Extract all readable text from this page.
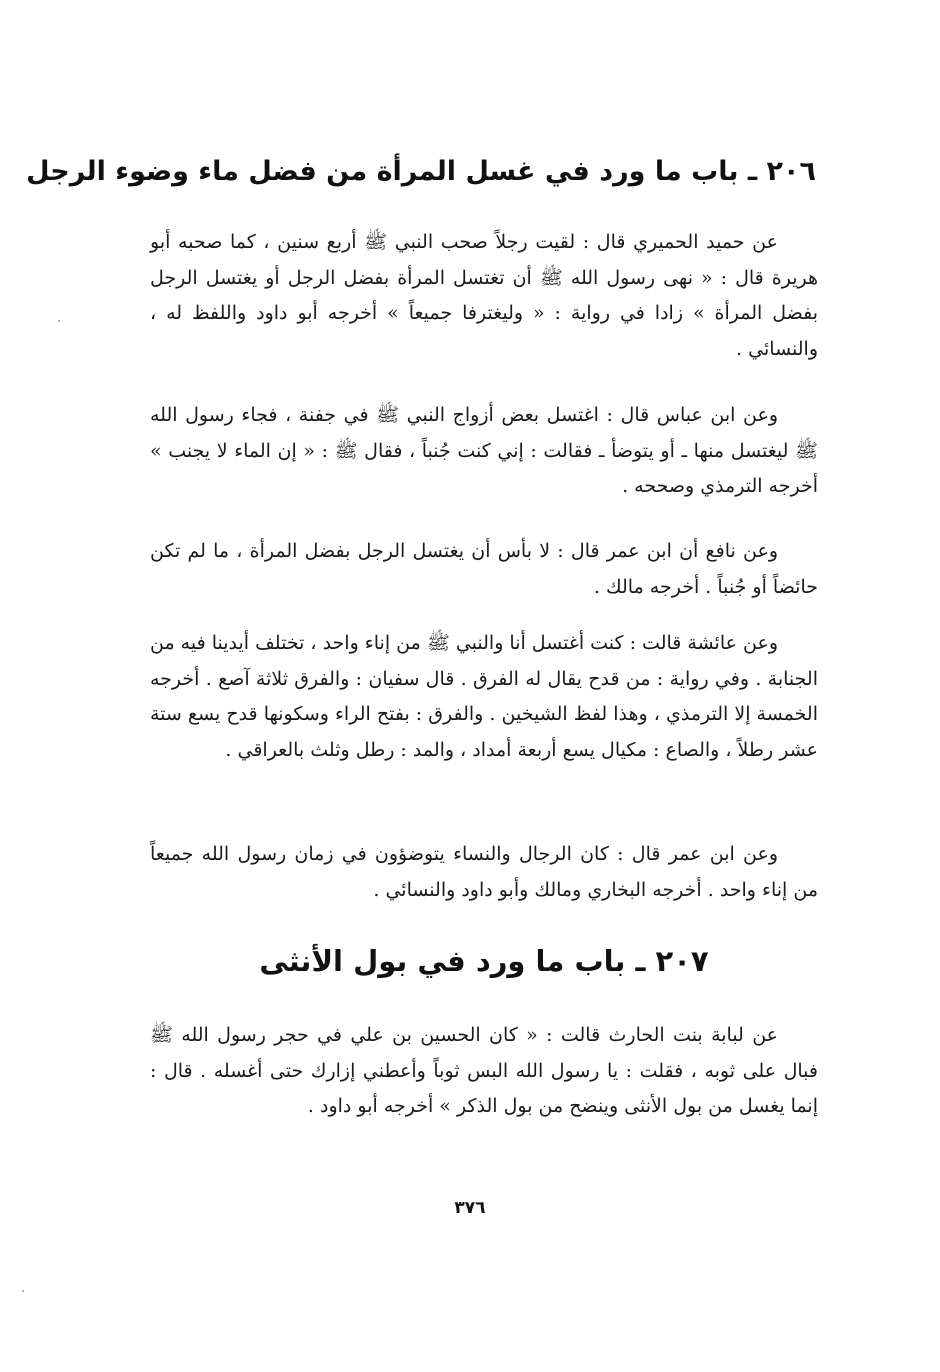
٢٠٦ ـ باب ما ورد في غسل المرأة من فضل ماء وضوء الرجل

عن حميد الحميري قال : لقيت رجلاً صحب النبي ﷺ أربع سنين ، كما صحبه أبو هريرة قال : « نهى رسول الله ﷺ أن تغتسل المرأة بفضل الرجل أو يغتسل الرجل بفضل المرأة » زادا في رواية : « وليغترفا جميعاً » أخرجه أبو داود واللفظ له ، والنسائي .

وعن ابن عباس قال : اغتسل بعض أزواج النبي ﷺ في جفنة ، فجاء رسول الله ﷺ ليغتسل منها ـ أو يتوضأ ـ فقالت : إني كنت جُنباً ، فقال ﷺ : « إن الماء لا يجنب » أخرجه الترمذي وصححه .

وعن نافع أن ابن عمر قال : لا بأس أن يغتسل الرجل بفضل المرأة ، ما لم تكن حائضاً أو جُنباً . أخرجه مالك .

وعن عائشة قالت : كنت أغتسل أنا والنبي ﷺ من إناء واحد ، تختلف أيدينا فيه من الجنابة . وفي رواية : من قدح يقال له الفرق . قال سفيان : والفرق ثلاثة آصع . أخرجه الخمسة إلا الترمذي ، وهذا لفظ الشيخين . والفرق : بفتح الراء وسكونها قدح يسع ستة عشر رطلاً ، والصاع : مكيال يسع أربعة أمداد ، والمد : رطل وثلث بالعراقي .

وعن ابن عمر قال : كان الرجال والنساء يتوضؤون في زمان رسول الله جميعاً من إناء واحد . أخرجه البخاري ومالك وأبو داود والنسائي .

٢٠٧ ـ باب ما ورد في بول الأنثى

عن لبابة بنت الحارث قالت : « كان الحسين بن علي في حجر رسول الله ﷺ فبال على ثوبه ، فقلت : يا رسول الله البس ثوباً وأعطني إزارك حتى أغسله . قال : إنما يغسل من بول الأنثى وينضح من بول الذكر » أخرجه أبو داود .

٣٧٦
